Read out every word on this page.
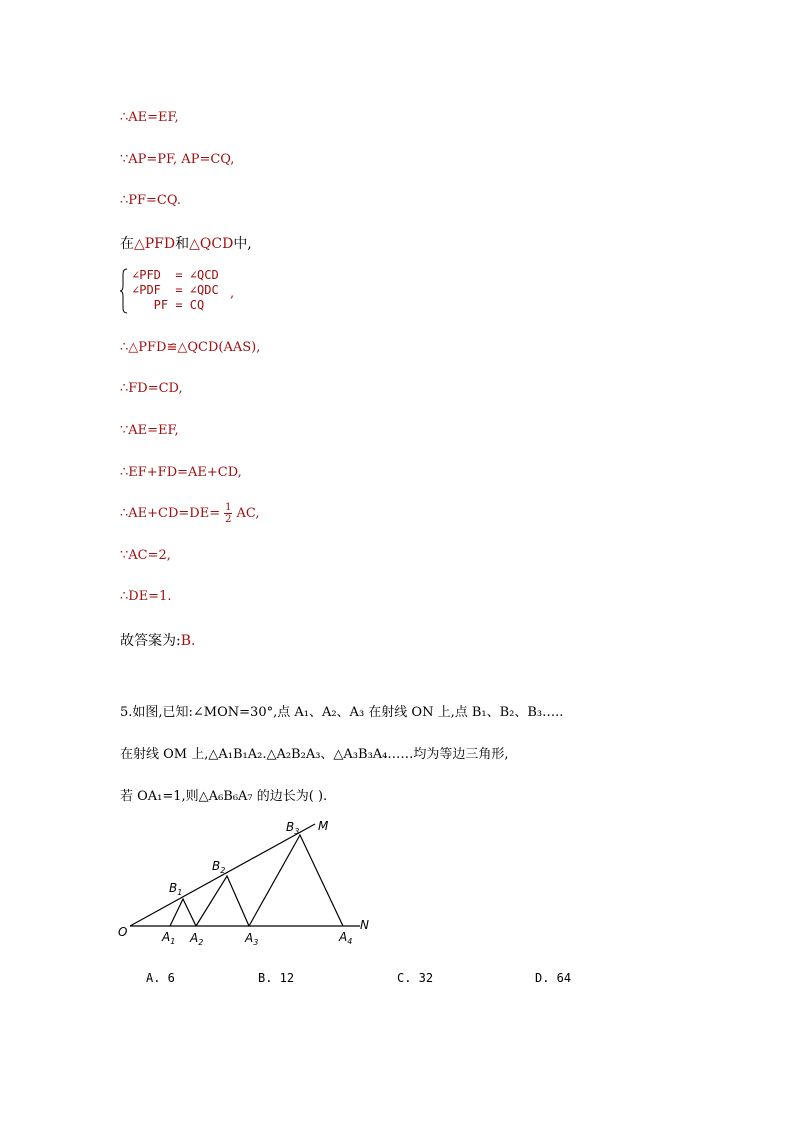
∴AE=EF,
∵AP=PF, AP=CQ,
∴PF=CQ.
在△PFD和△QCD中,
∠PFD  = ∠QCD
∠PDF  = ∠QDC
PF = CQ
,
∴△PFD≌△QCD(AAS),
∴FD=CD,
∵AE=EF,
∴EF+FD=AE+CD,
∴AE+CD=DE= $\frac{1}{2}$ AC,
∵AC=2,
∴DE=1.
故答案为:B.
5.如图,已知:∠MON=30°,点 A₁、A₂、A₃ 在射线 ON 上,点 B₁、B₂、B₃…..
在射线 OM 上,△A₁B₁A₂.△A₂B₂A₃、△A₃B₃A₄……均为等边三角形,
若 OA₁=1,则△A₆B₆A₇ 的边长为( ).
O
M
N
$A_1$ $A_2$	$A_3$	$A_4$
$B_1$
$B_2$
$B_3$
A. 6	B. 12	C. 32	D. 64
